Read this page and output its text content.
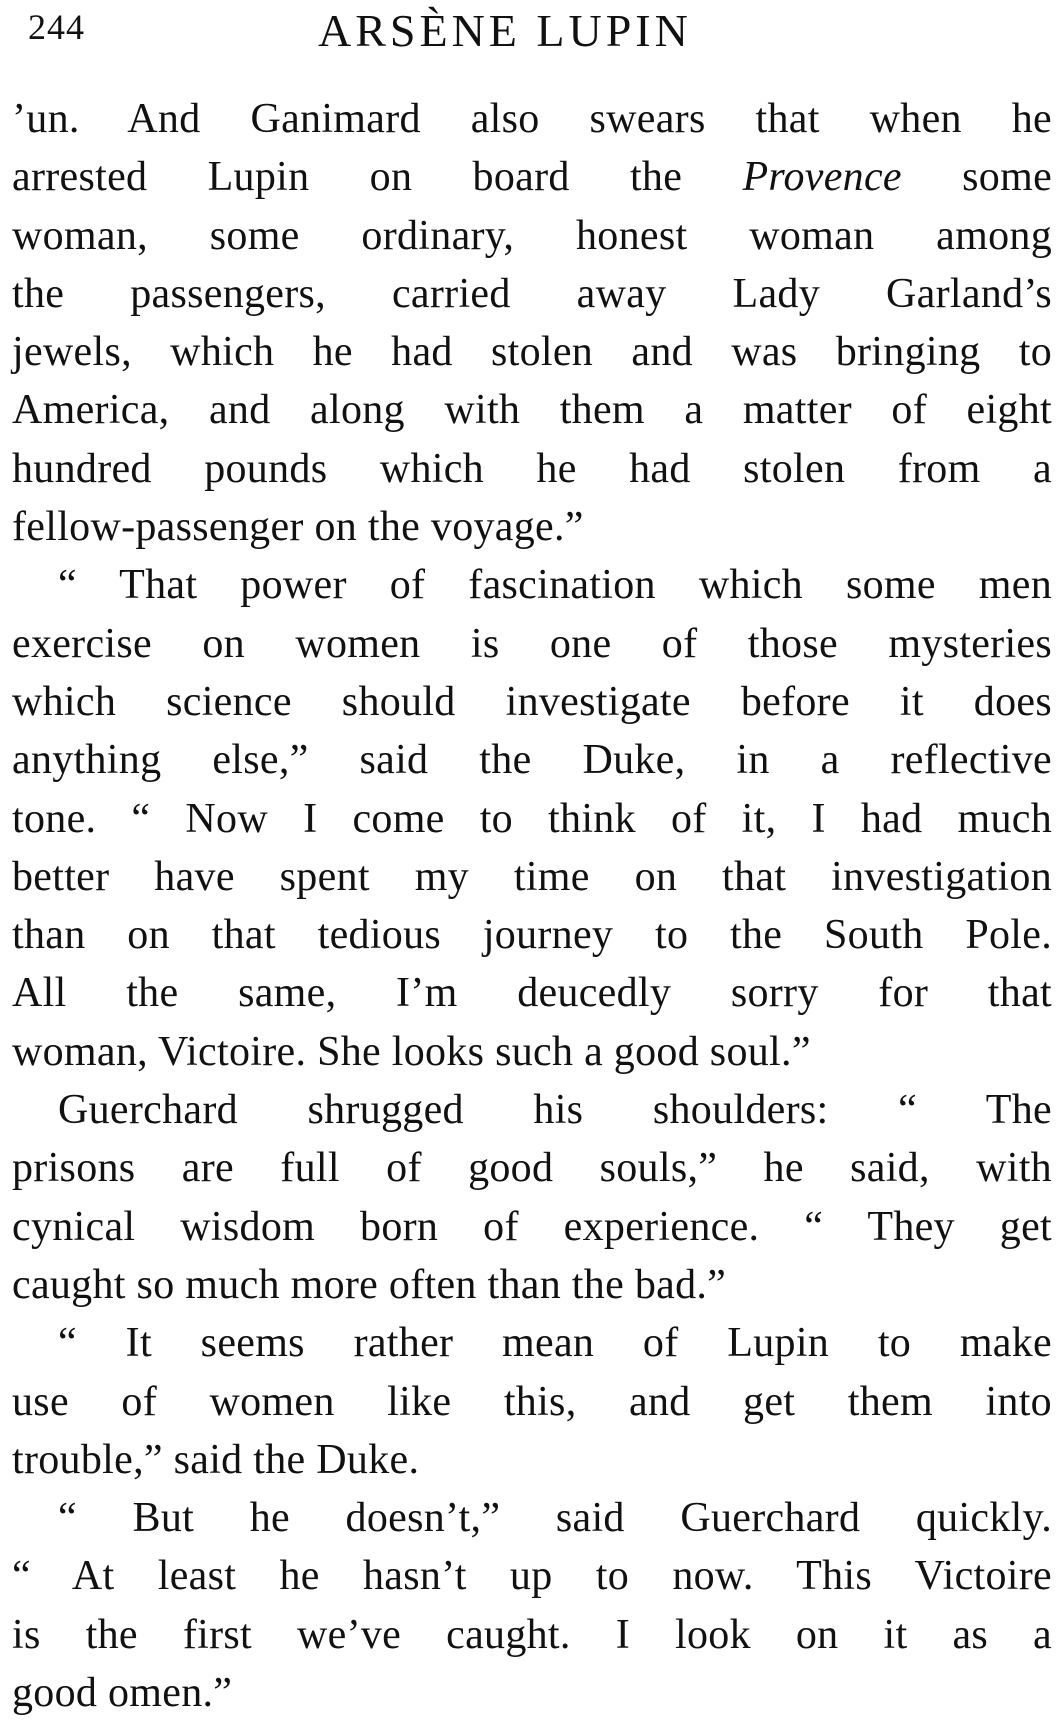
244	ARSÈNE LUPIN
’un. And Ganimard also swears that when he
arrested Lupin on board the Provence some
woman, some ordinary, honest woman among
the passengers, carried away Lady Garland’s
jewels, which he had stolen and was bringing to
America, and along with them a matter of eight
hundred pounds which he had stolen from a
fellow-passenger on the voyage.”
“ That power of fascination which some men
exercise on women is one of those mysteries
which science should investigate before it does
anything else,” said the Duke, in a reflective
tone. “ Now I come to think of it, I had much
better have spent my time on that investigation
than on that tedious journey to the South Pole.
All the same, I’m deucedly sorry for that
woman, Victoire. She looks such a good soul.”
Guerchard shrugged his shoulders: “ The
prisons are full of good souls,” he said, with
cynical wisdom born of experience. “ They get
caught so much more often than the bad.”
“ It seems rather mean of Lupin to make
use of women like this, and get them into
trouble,” said the Duke.
“ But he doesn’t,” said Guerchard quickly.
“ At least he hasn’t up to now. This Victoire
is the first we’ve caught. I look on it as a
good omen.”
